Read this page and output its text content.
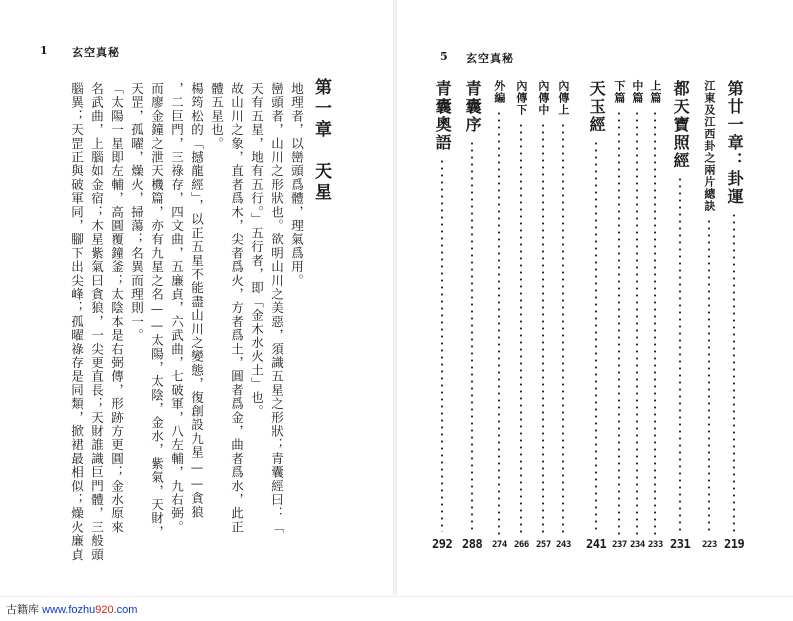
1 玄空真秘
第一章　天星
地理者，以巒頭爲體，理氣爲用。
巒頭者，山川之形狀也。欲明山川之美惡，須識五星之形狀；青囊經曰：「
天有五星，地有五行。」五行者，即「金木水火土」也。
故山川之象，直者爲木，尖者爲火，方者爲土，圓者爲金，曲者爲水，此正
體五星也。
楊筠松的「撼龍經」，以正五星不能盡山川之變態，復創設九星——貪狼
，二巨門，三祿存，四文曲，五廉貞，六武曲，七破軍，八左輔，九右弼。
而廖金鐘之泄天機篇，亦有九星之名——太陽，太陰，金水，紫氣，天財，
天罡，孤曜，燥火，掃蕩；名異而理則一。
「太陽一星即左輔，高圓覆鐘釜；太陰本是右弼傳，形跡方更圓；金水原來
名武曲，上腦如金宿；木星紫氣曰貪狼，一尖更直長；天財誰識巨門體，三般頭
腦異；天罡正與破軍同，腳下出尖峰；孤曜祿存是同類，掀裙最相似；燥火廉貞
5 玄空真秘
第廿一章：卦運
219
江東及江西卦之兩片總訣
223
都天寶照經
231
上篇
233
中篇
234
下篇
237
天玉經
241
內傳上
243
內傳中
257
內傳下
266
外編
274
青囊序
288
青囊奧語
292
古籍库 www.fozhu920.com
